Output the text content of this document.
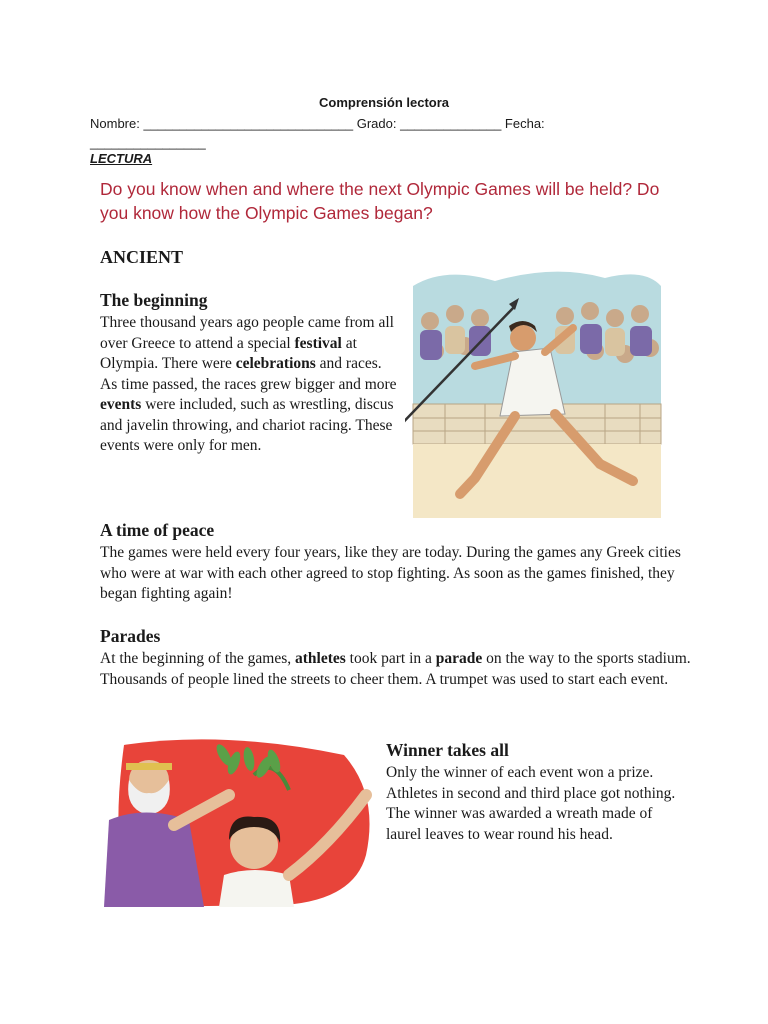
Comprensión lectora
Nombre: _____________________________ Grado: ______________ Fecha:
________________
LECTURA
Do you know when and where the next Olympic Games will be held? Do you know how the Olympic Games began?
ANCIENT
The beginning
Three thousand years ago people came from all over Greece to attend a special festival at Olympia. There were celebrations and races. As time passed, the races grew bigger and more events were included, such as wrestling, discus and javelin throwing, and chariot racing. These events were only for men.
A time of peace
The games were held every four years, like they are today. During the games any Greek cities who were at war with each other agreed to stop fighting. As soon as the games finished, they began fighting again!
Parades
At the beginning of the games, athletes took part in a parade on the way to the sports stadium. Thousands of people lined the streets to cheer them. A trumpet was used to start each event.
Winner takes all
Only the winner of each event won a prize. Athletes in second and third place got nothing. The winner was awarded a wreath made of laurel leaves to wear round his head.
